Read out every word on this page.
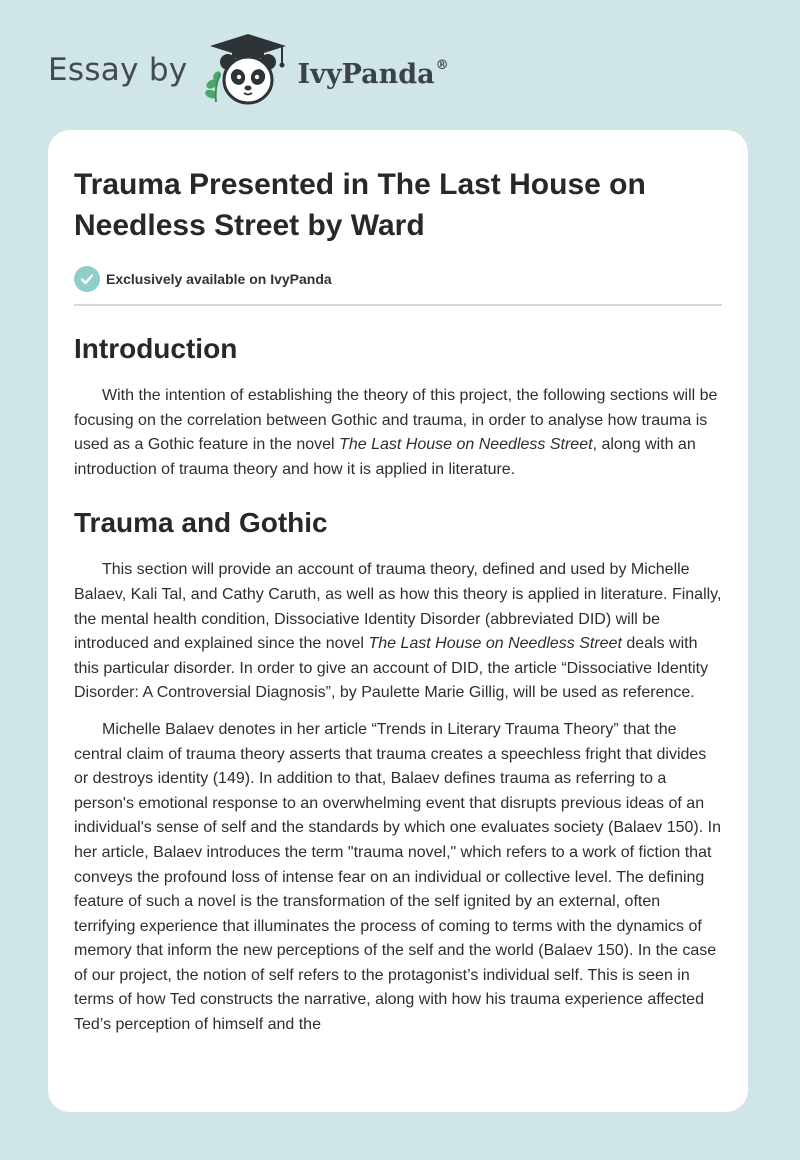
Essay by	IvyPanda®
Trauma Presented in The Last House on Needless Street by Ward
Exclusively available on IvyPanda
Introduction

With the intention of establishing the theory of this project, the following sections will be focusing on the correlation between Gothic and trauma, in order to analyse how trauma is used as a Gothic feature in the novel The Last House on Needless Street, along with an introduction of trauma theory and how it is applied in literature.

Trauma and Gothic

This section will provide an account of trauma theory, defined and used by Michelle Balaev, Kali Tal, and Cathy Caruth, as well as how this theory is applied in literature. Finally, the mental health condition, Dissociative Identity Disorder (abbreviated DID) will be introduced and explained since the novel The Last House on Needless Street deals with this particular disorder. In order to give an account of DID, the article “Dissociative Identity Disorder: A Controversial Diagnosis”, by Paulette Marie Gillig, will be used as reference.

Michelle Balaev denotes in her article “Trends in Literary Trauma Theory” that the central claim of trauma theory asserts that trauma creates a speechless fright that divides or destroys identity (149). In addition to that, Balaev defines trauma as referring to a person's emotional response to an overwhelming event that disrupts previous ideas of an individual's sense of self and the standards by which one evaluates society (Balaev 150). In her article, Balaev introduces the term "trauma novel," which refers to a work of fiction that conveys the profound loss of intense fear on an individual or collective level. The defining feature of such a novel is the transformation of the self ignited by an external, often terrifying experience that illuminates the process of coming to terms with the dynamics of memory that inform the new perceptions of the self and the world (Balaev 150). In the case of our project, the notion of self refers to the protagonist’s individual self. This is seen in terms of how Ted constructs the narrative, along with how his trauma experience affected Ted’s perception of himself and the
